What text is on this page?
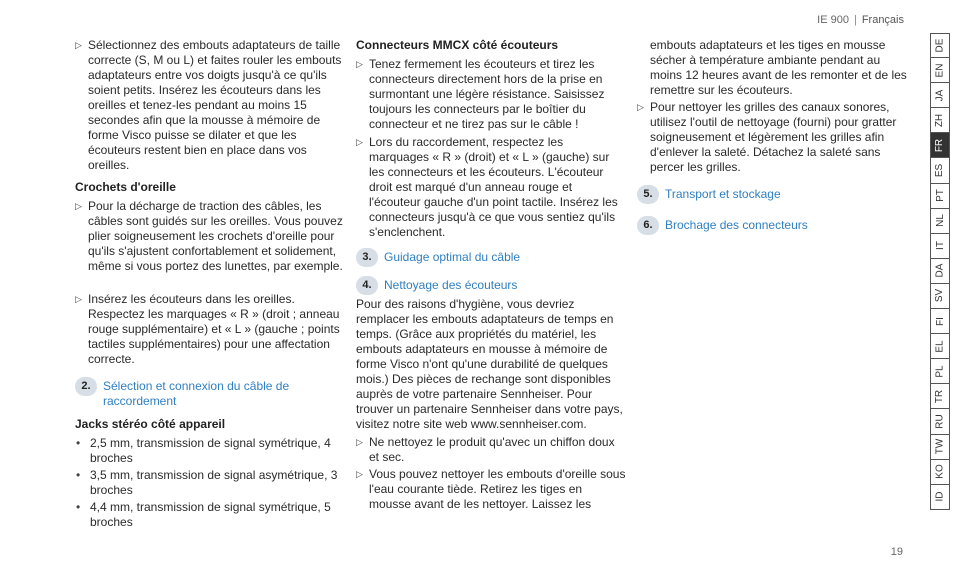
IE 900 | Français

▷ Sélectionnez des embouts adaptateurs de taille correcte (S, M ou L) et faites rouler les embouts adaptateurs entre vos doigts jusqu'à ce qu'ils soient petits. Insérez les écouteurs dans les oreilles et tenez-les pendant au moins 15 secondes afin que la mousse à mémoire de forme Visco puisse se dilater et que les écouteurs restent bien en place dans vos oreilles.

Crochets d'oreille

▷ Pour la décharge de traction des câbles, les câbles sont guidés sur les oreilles. Vous pouvez plier soigneusement les crochets d'oreille pour qu'ils s'ajustent confortablement et solidement, même si vous portez des lunettes, par exemple.

▷ Insérez les écouteurs dans les oreilles. Respectez les marquages « R » (droit ; anneau rouge supplémentaire) et « L » (gauche ; points tactiles supplémentaires) pour une affectation correcte.

2.	Sélection et connexion du câble de raccordement

Jacks stéréo côté appareil

• 2,5 mm, transmission de signal symétrique, 4 broches

• 3,5 mm, transmission de signal asymétrique, 3 broches

• 4,4 mm, transmission de signal symétrique, 5 broches

Connecteurs MMCX côté écouteurs

▷ Tenez fermement les écouteurs et tirez les connecteurs directement hors de la prise en surmontant une légère résistance. Saisissez toujours les connecteurs par le boîtier du connecteur et ne tirez pas sur le câble !

▷ Lors du raccordement, respectez les marquages « R » (droit) et « L » (gauche) sur les connecteurs et les écouteurs. L'écouteur droit est marqué d'un anneau rouge et l'écouteur gauche d'un point tactile. Insérez les connecteurs jusqu'à ce que vous sentiez qu'ils s'enclenchent.

3.	Guidage optimal du câble
4.	Nettoyage des écouteurs

Pour des raisons d'hygiène, vous devriez remplacer les embouts adaptateurs de temps en temps. (Grâce aux propriétés du matériel, les embouts adaptateurs en mousse à mémoire de forme Visco n'ont qu'une durabilité de quelques mois.) Des pièces de rechange sont disponibles auprès de votre partenaire Sennheiser. Pour trouver un partenaire Sennheiser dans votre pays, visitez notre site web www.sennheiser.com.

▷ Ne nettoyez le produit qu'avec un chiffon doux et sec.

▷ Vous pouvez nettoyer les embouts d'oreille sous l'eau courante tiède. Retirez les tiges en mousse avant de les nettoyer. Laissez les

embouts adaptateurs et les tiges en mousse sécher à température ambiante pendant au moins 12 heures avant de les remonter et de les remettre sur les écouteurs.

▷ Pour nettoyer les grilles des canaux sonores, utilisez l'outil de nettoyage (fourni) pour gratter soigneusement et légèrement les grilles afin d'enlever la saleté. Détachez la saleté sans percer les grilles.

5.	Transport et stockage
6.	Brochage des connecteurs
DE
EN
JA
ZH
FR
ES
PT
NL
IT
DA
SV
FI
EL
PL
TR
RU
TW
KO
ID
19
